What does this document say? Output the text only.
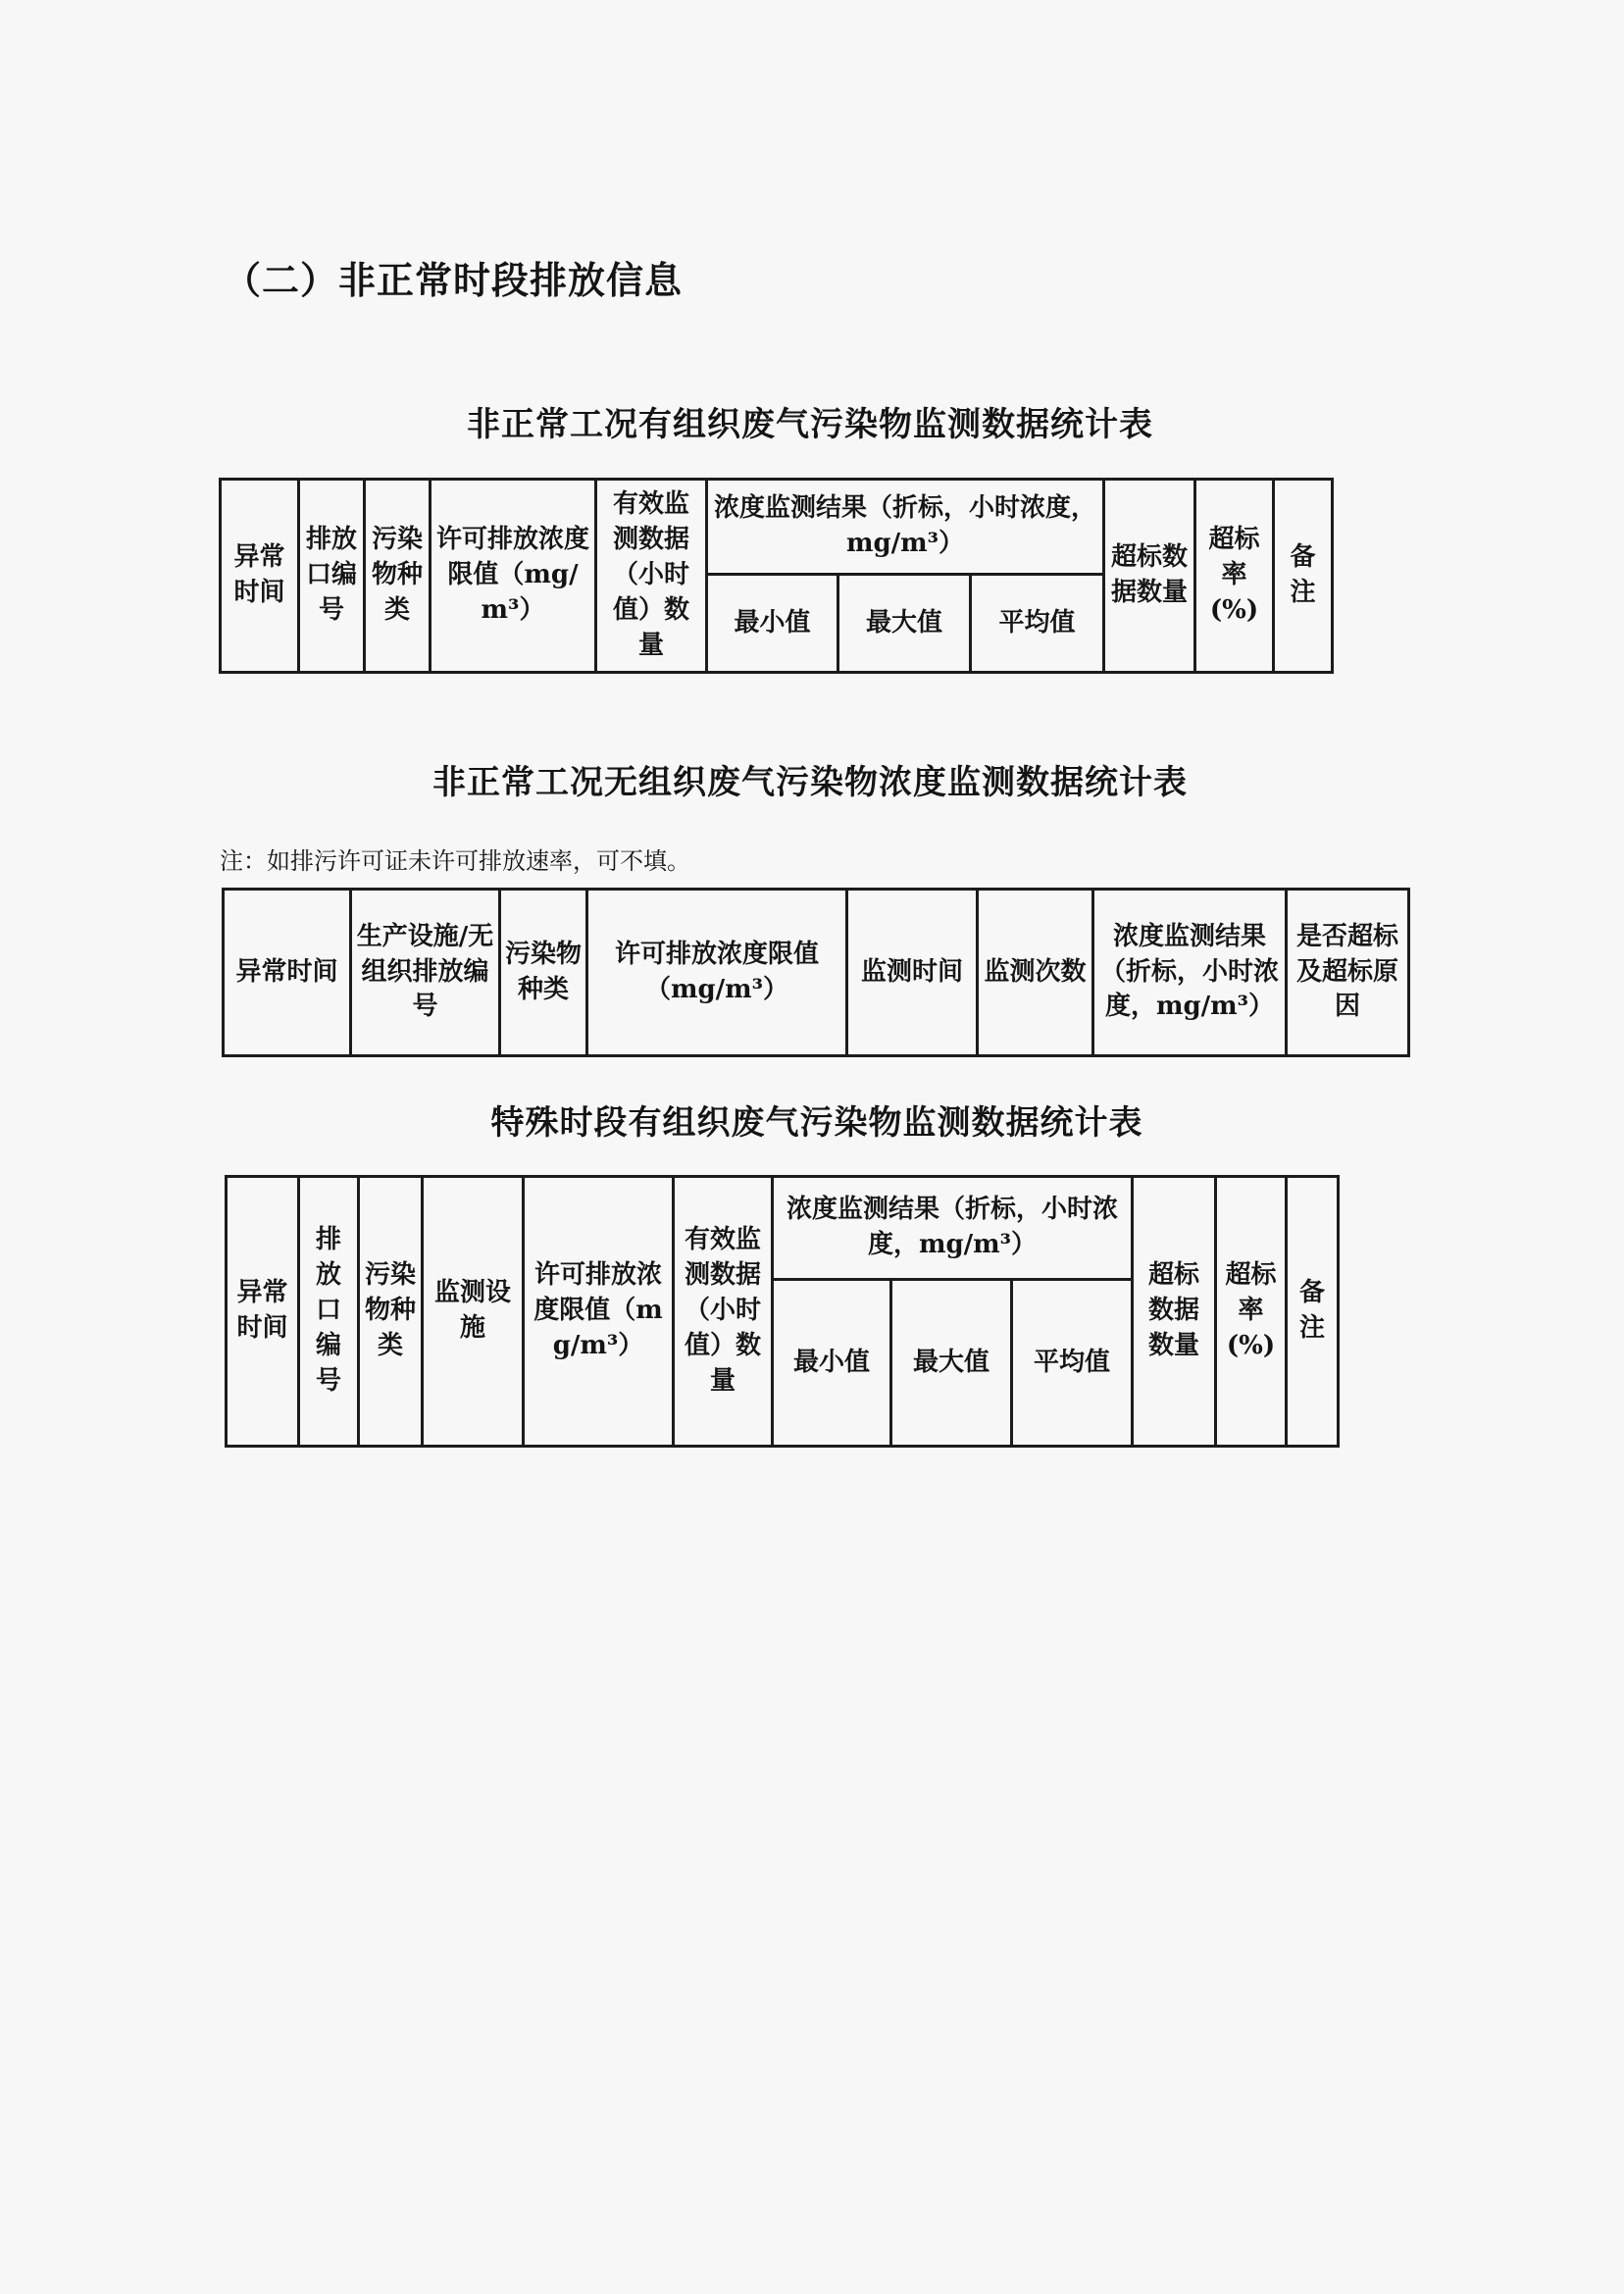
（二）非正常时段排放信息
非正常工况有组织废气污染物监测数据统计表
异常时间	排放口编号	污染物种类	许可排放浓度限值（mg/m³）	有效监测数据（小时值）数量	浓度监测结果（折标，小时浓度，mg/m³）			超标数据数量	超标率(%)	备注
					最小值	最大值	平均值			
非正常工况无组织废气污染物浓度监测数据统计表
注：如排污许可证未许可排放速率，可不填。
异常时间	生产设施/无组织排放编号	污染物种类	许可排放浓度限值（mg/m³）	监测时间	监测次数	浓度监测结果（折标，小时浓度，mg/m³）	是否超标及超标原因
特殊时段有组织废气污染物监测数据统计表
异常时间	排放口编号	污染物种类	监测设施	许可排放浓度限值（mg/m³）	有效监测数据（小时值）数量	浓度监测结果（折标，小时浓度，mg/m³）			超标数据数量	超标率(%)	备注
						最小值	最大值	平均值			
